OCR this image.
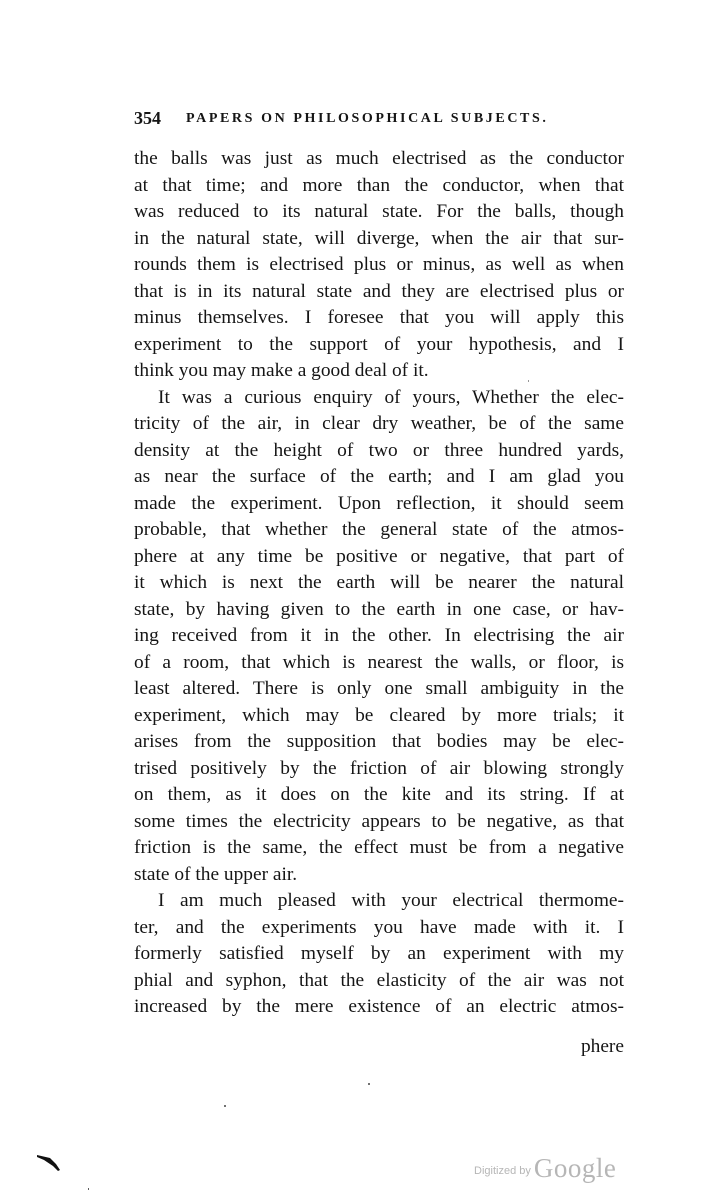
354 PAPERS ON PHILOSOPHICAL SUBJECTS.
the balls was just as much electrised as the conductor
at that time; and more than the conductor, when that
was reduced to its natural state. For the balls, though
in the natural state, will diverge, when the air that sur-
rounds them is electrised plus or minus, as well as when
that is in its natural state and they are electrised plus or
minus themselves. I foresee that you will apply this
experiment to the support of your hypothesis, and I
think you may make a good deal of it.
It was a curious enquiry of yours, Whether the elec-
tricity of the air, in clear dry weather, be of the same
density at the height of two or three hundred yards,
as near the surface of the earth; and I am glad you
made the experiment. Upon reflection, it should seem
probable, that whether the general state of the atmos-
phere at any time be positive or negative, that part of
it which is next the earth will be nearer the natural
state, by having given to the earth in one case, or hav-
ing received from it in the other. In electrising the air
of a room, that which is nearest the walls, or floor, is
least altered. There is only one small ambiguity in the
experiment, which may be cleared by more trials; it
arises from the supposition that bodies may be elec-
trised positively by the friction of air blowing strongly
on them, as it does on the kite and its string. If at
some times the electricity appears to be negative, as that
friction is the same, the effect must be from a negative
state of the upper air.
I am much pleased with your electrical thermome-
ter, and the experiments you have made with it. I
formerly satisfied myself by an experiment with my
phial and syphon, that the elasticity of the air was not
increased by the mere existence of an electric atmos-
phere
Digitized by Google
